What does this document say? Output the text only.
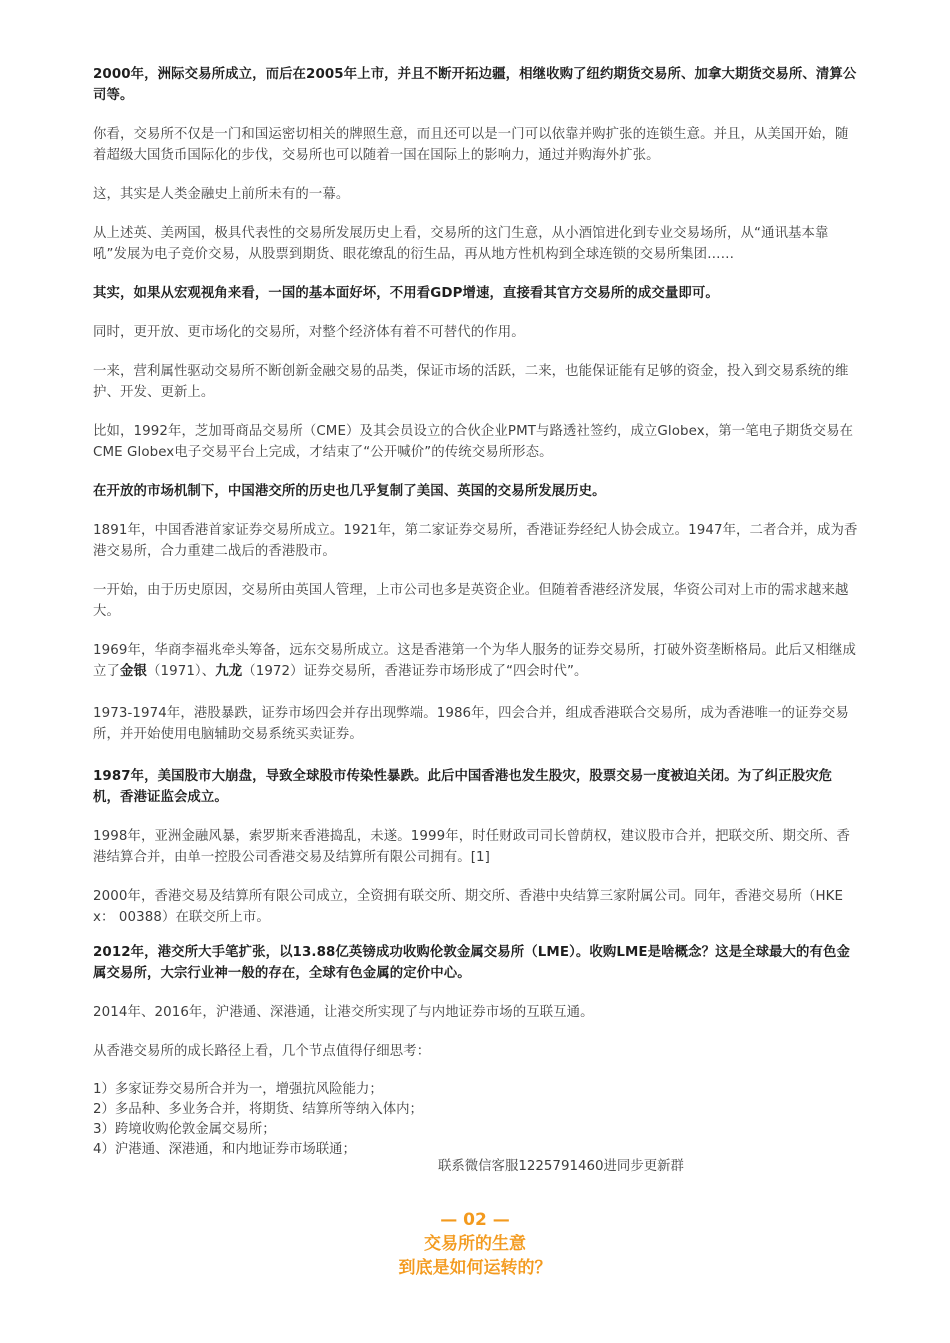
2000年，洲际交易所成立，而后在2005年上市，并且不断开拓边疆，相继收购了纽约期货交易所、加拿大期货交易所、清算公司等。

你看，交易所不仅是一门和国运密切相关的牌照生意，而且还可以是一门可以依靠并购扩张的连锁生意。并且，从美国开始，随着超级大国货币国际化的步伐，交易所也可以随着一国在国际上的影响力，通过并购海外扩张。

这，其实是人类金融史上前所未有的一幕。

从上述英、美两国，极具代表性的交易所发展历史上看，交易所的这门生意，从小酒馆进化到专业交易场所，从“通讯基本靠吼”发展为电子竞价交易，从股票到期货、眼花缭乱的衍生品，再从地方性机构到全球连锁的交易所集团……

其实，如果从宏观视角来看，一国的基本面好坏，不用看GDP增速，直接看其官方交易所的成交量即可。

同时，更开放、更市场化的交易所，对整个经济体有着不可替代的作用。

一来，营利属性驱动交易所不断创新金融交易的品类，保证市场的活跃，二来，也能保证能有足够的资金，投入到交易系统的维护、开发、更新上。

比如，1992年，芝加哥商品交易所（CME）及其会员设立的合伙企业PMT与路透社签约，成立Globex，第一笔电子期货交易在CME Globex电子交易平台上完成，才结束了“公开喊价”的传统交易所形态。

在开放的市场机制下，中国港交所的历史也几乎复制了美国、英国的交易所发展历史。

1891年，中国香港首家证券交易所成立。1921年，第二家证券交易所，香港证券经纪人协会成立。1947年，二者合并，成为香港交易所，合力重建二战后的香港股市。

一开始，由于历史原因，交易所由英国人管理，上市公司也多是英资企业。但随着香港经济发展，华资公司对上市的需求越来越大。

1969年，华商李福兆牵头筹备，远东交易所成立。这是香港第一个为华人服务的证券交易所，打破外资垄断格局。此后又相继成立了金银（1971）、九龙（1972）证券交易所，香港证券市场形成了“四会时代”。

1973-1974年，港股暴跌，证券市场四会并存出现弊端。1986年，四会合并，组成香港联合交易所，成为香港唯一的证券交易所，并开始使用电脑辅助交易系统买卖证券。

1987年，美国股市大崩盘，导致全球股市传染性暴跌。此后中国香港也发生股灾，股票交易一度被迫关闭。为了纠正股灾危机，香港证监会成立。

1998年，亚洲金融风暴，索罗斯来香港捣乱，未遂。1999年，时任财政司司长曾荫权，建议股市合并，把联交所、期交所、香港结算合并，由单一控股公司香港交易及结算所有限公司拥有。[1]

2000年，香港交易及结算所有限公司成立，全资拥有联交所、期交所、香港中央结算三家附属公司。同年，香港交易所（HKEx： 00388）在联交所上市。

2012年，港交所大手笔扩张，以13.88亿英镑成功收购伦敦金属交易所（LME）。收购LME是啥概念？这是全球最大的有色金属交易所，大宗行业神一般的存在，全球有色金属的定价中心。

2014年、2016年，沪港通、深港通，让港交所实现了与内地证券市场的互联互通。

从香港交易所的成长路径上看，几个节点值得仔细思考：

1）多家证券交易所合并为一，增强抗风险能力；
2）多品种、多业务合并，将期货、结算所等纳入体内；
3）跨境收购伦敦金属交易所；
4）沪港通、深港通，和内地证券市场联通；
联系微信客服1225791460进同步更新群
— 02 —
交易所的生意
到底是如何运转的？
